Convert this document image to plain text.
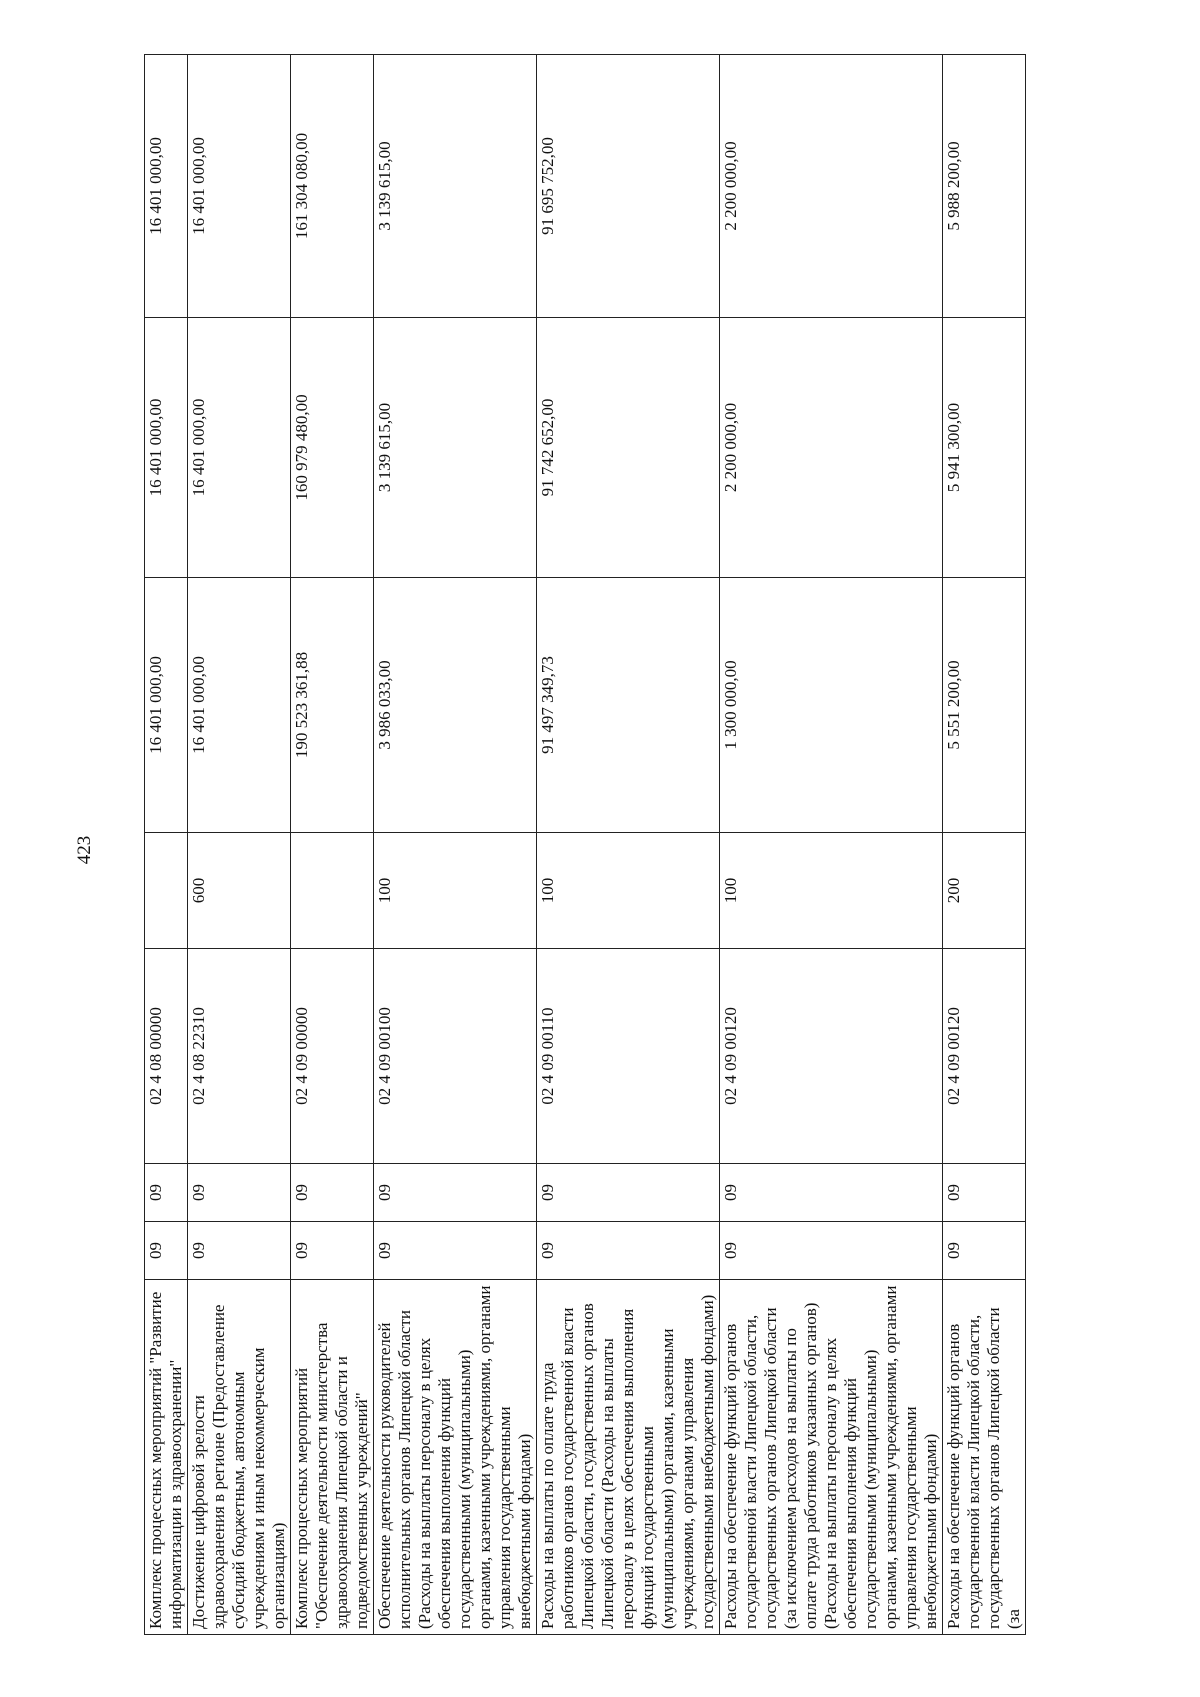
423
Комплекс процессных мероприятий "Развитие информатизации в здравоохранении"	09	09	02 4 08 00000		16 401 000,00	16 401 000,00	16 401 000,00
Достижение цифровой зрелости здравоохранения в регионе (Предоставление субсидий бюджетным, автономным учреждениям и иным некоммерческим организациям)	09	09	02 4 08 22310	600	16 401 000,00	16 401 000,00	16 401 000,00
Комплекс процессных мероприятий "Обеспечение деятельности министерства здравоохранения Липецкой области и подведомственных учреждений"	09	09	02 4 09 00000		190 523 361,88	160 979 480,00	161 304 080,00
Обеспечение деятельности руководителей исполнительных органов Липецкой области (Расходы на выплаты персоналу в целях обеспечения выполнения функций государственными (муниципальными) органами, казенными учреждениями, органами управления государственными внебюджетными фондами)	09	09	02 4 09 00100	100	3 986 033,00	3 139 615,00	3 139 615,00
Расходы на выплаты по оплате труда работников органов государственной власти Липецкой области, государственных органов Липецкой области (Расходы на выплаты персоналу в целях обеспечения выполнения функций государственными (муниципальными) органами, казенными учреждениями, органами управления государственными внебюджетными фондами)	09	09	02 4 09 00110	100	91 497 349,73	91 742 652,00	91 695 752,00
Расходы на обеспечение функций органов государственной власти Липецкой области, государственных органов Липецкой области (за исключением расходов на выплаты по оплате труда работников указанных органов) (Расходы на выплаты персоналу в целях обеспечения выполнения функций государственными (муниципальными) органами, казенными учреждениями, органами управления государственными внебюджетными фондами)	09	09	02 4 09 00120	100	1 300 000,00	2 200 000,00	2 200 000,00
Расходы на обеспечение функций органов государственной власти Липецкой области, государственных органов Липецкой области (за	09	09	02 4 09 00120	200	5 551 200,00	5 941 300,00	5 988 200,00
